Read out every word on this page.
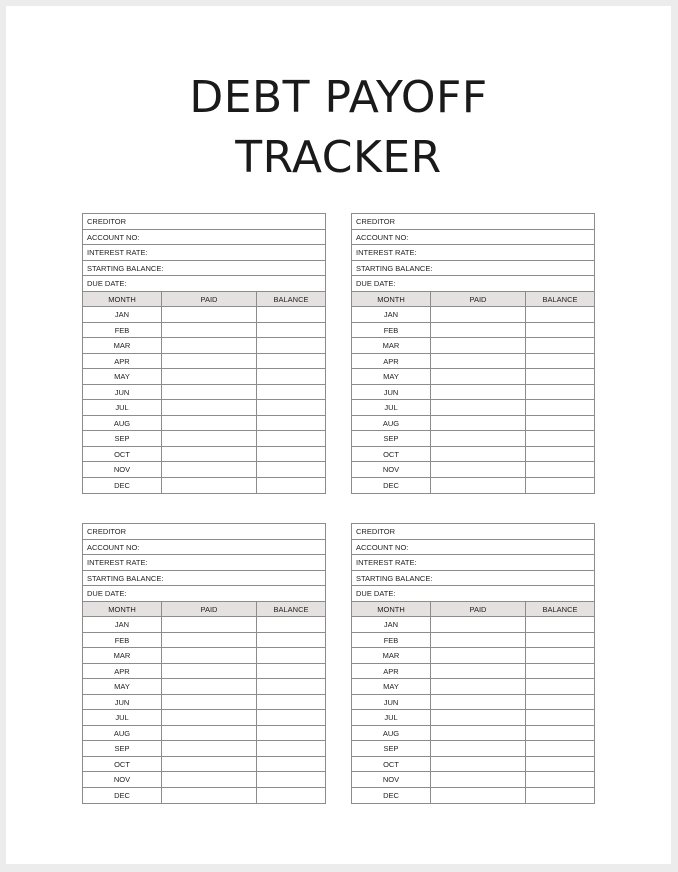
DEBT PAYOFF
TRACKER
CREDITOR
ACCOUNT NO:
INTEREST RATE:
STARTING BALANCE:
DUE DATE:
MONTH	PAID	BALANCE
JAN
FEB
MAR
APR
MAY
JUN
JUL
AUG
SEP
OCT
NOV
DEC
CREDITOR
ACCOUNT NO:
INTEREST RATE:
STARTING BALANCE:
DUE DATE:
MONTH	PAID	BALANCE
JAN
FEB
MAR
APR
MAY
JUN
JUL
AUG
SEP
OCT
NOV
DEC
CREDITOR
ACCOUNT NO:
INTEREST RATE:
STARTING BALANCE:
DUE DATE:
MONTH	PAID	BALANCE
JAN
FEB
MAR
APR
MAY
JUN
JUL
AUG
SEP
OCT
NOV
DEC
CREDITOR
ACCOUNT NO:
INTEREST RATE:
STARTING BALANCE:
DUE DATE:
MONTH	PAID	BALANCE
JAN
FEB
MAR
APR
MAY
JUN
JUL
AUG
SEP
OCT
NOV
DEC
